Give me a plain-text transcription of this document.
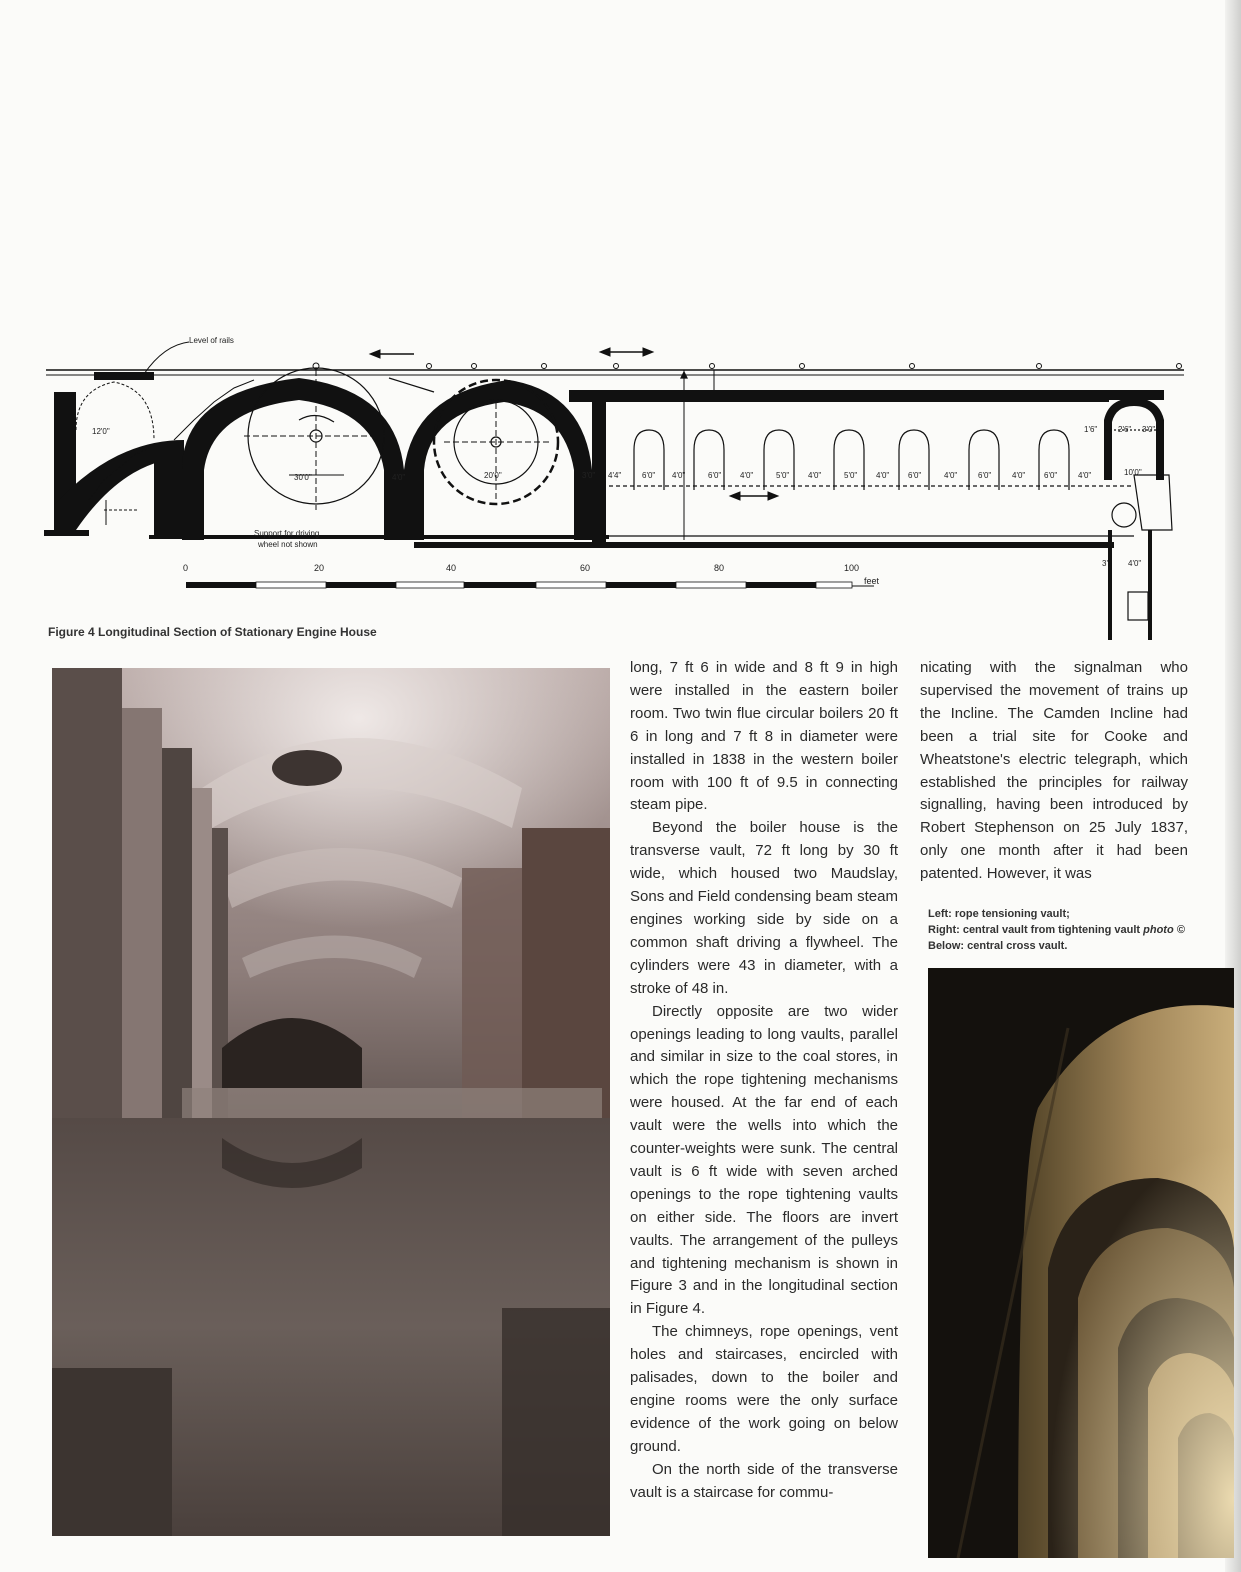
Level of rails
12'0"
30'0"	20'0"
4'0"	3'0" 4'4"	6'0" 4'0"	6'0" 4'0"	5'0" 4'0"	5'0" 4'0" 6'0"	4'0"	6'0"	4'0" 6'0"	4'0"
1'6"	2'6" 3'0"
10'0"
3'	4'0"
Support for driving
wheel not shown
0	20	40	60	80	100
feet
Figure 4 Longitudinal Section of Stationary Engine House

long, 7 ft 6 in wide and 8 ft 9 in high were installed in the eastern boiler room. Two twin flue circular boilers 20 ft 6 in long and 7 ft 8 in diameter were installed in 1838 in the western boiler room with 100 ft of 9.5 in connecting steam pipe.

Beyond the boiler house is the transverse vault, 72 ft long by 30 ft wide, which housed two Maudslay, Sons and Field condensing beam steam engines working side by side on a common shaft driving a flywheel. The cylinders were 43 in diameter, with a stroke of 48 in.

Directly opposite are two wider openings leading to long vaults, parallel and similar in size to the coal stores, in which the rope tightening mechanisms were housed. At the far end of each vault were the wells into which the counter-weights were sunk. The central vault is 6 ft wide with seven arched openings to the rope tightening vaults on either side. The floors are invert vaults. The arrangement of the pulleys and tightening mechanism is shown in Figure 3 and in the longitudinal section in Figure 4.

The chimneys, rope openings, vent holes and staircases, encircled with palisades, down to the boiler and engine rooms were the only surface evidence of the work going on below ground.

On the north side of the transverse vault is a staircase for commu-

nicating with the signalman who supervised the movement of trains up the Incline. The Camden Incline had been a trial site for Cooke and Wheatstone's electric telegraph, which established the principles for railway signalling, having been introduced by Robert Stephenson on 25 July 1837, only one month after it had been patented. However, it was

Left: rope tensioning vault;
Right: central vault from tightening vault photo ©
Below: central cross vault.
